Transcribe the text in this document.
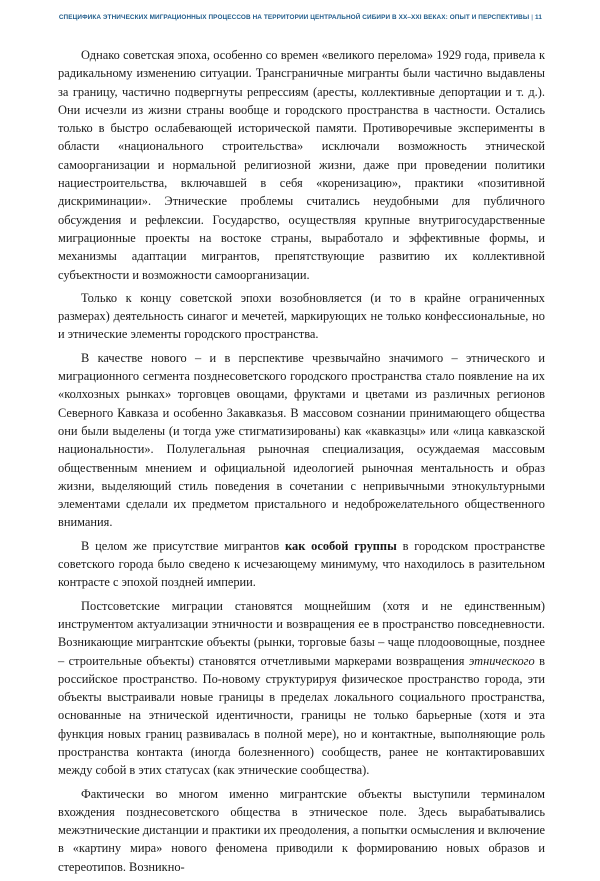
СПЕЦИФИКА ЭТНИЧЕСКИХ МИГРАЦИОННЫХ ПРОЦЕССОВ НА ТЕРРИТОРИИ ЦЕНТРАЛЬНОЙ СИБИРИ В XX–XXI ВЕКАХ: ОПЫТ И ПЕРСПЕКТИВЫ | 11

Однако советская эпоха, особенно со времен «великого перелома» 1929 года, привела к радикальному изменению ситуации. Трансграничные мигранты были частично выдавлены за границу, частично подвергнуты репрессиям (аресты, коллективные депортации и т. д.). Они исчезли из жизни страны вообще и городского пространства в частности. Остались только в быстро ослабевающей исторической памяти. Противоречивые эксперименты в области «национального строительства» исключали возможность этнической самоорганизации и нормальной религиозной жизни, даже при проведении политики нациестроительства, включавшей в себя «коренизацию», практики «позитивной дискриминации». Этнические проблемы считались неудобными для публичного обсуждения и рефлексии. Государство, осуществляя крупные внутригосударственные миграционные проекты на востоке страны, выработало и эффективные формы, и механизмы адаптации мигрантов, препятствующие развитию их коллективной субъектности и возможности самоорганизации.

Только к концу советской эпохи возобновляется (и то в крайне ограниченных размерах) деятельность синагог и мечетей, маркирующих не только конфессиональные, но и этнические элементы городского пространства.

В качестве нового – и в перспективе чрезвычайно значимого – этнического и миграционного сегмента позднесоветского городского пространства стало появление на их «колхозных рынках» торговцев овощами, фруктами и цветами из различных регионов Северного Кавказа и особенно Закавказья. В массовом сознании принимающего общества они были выделены (и тогда уже стигматизированы) как «кавказцы» или «лица кавказской национальности». Полулегальная рыночная специализация, осуждаемая массовым общественным мнением и официальной идеологией рыночная ментальность и образ жизни, выделяющий стиль поведения в сочетании с непривычными этнокультурными элементами сделали их предметом пристального и недоброжелательного общественного внимания.

В целом же присутствие мигрантов как особой группы в городском пространстве советского города было сведено к исчезающему минимуму, что находилось в разительном контрасте с эпохой поздней империи.

Постсоветские миграции становятся мощнейшим (хотя и не единственным) инструментом актуализации этничности и возвращения ее в пространство повседневности. Возникающие мигрантские объекты (рынки, торговые базы – чаще плодоовощные, позднее – строительные объекты) становятся отчетливыми маркерами возвращения этнического в российское пространство. По-новому структурируя физическое пространство города, эти объекты выстраивали новые границы в пределах локального социального пространства, основанные на этнической идентичности, границы не только барьерные (хотя и эта функция новых границ развивалась в полной мере), но и контактные, выполняющие роль пространства контакта (иногда болезненного) сообществ, ранее не контактировавших между собой в этих статусах (как этнические сообщества).

Фактически во многом именно мигрантские объекты выступили терминалом вхождения позднесоветского общества в этническое поле. Здесь вырабатывались межэтнические дистанции и практики их преодоления, а попытки осмысления и включение в «картину мира» нового феномена приводили к формированию новых образов и стереотипов. Возникно-
